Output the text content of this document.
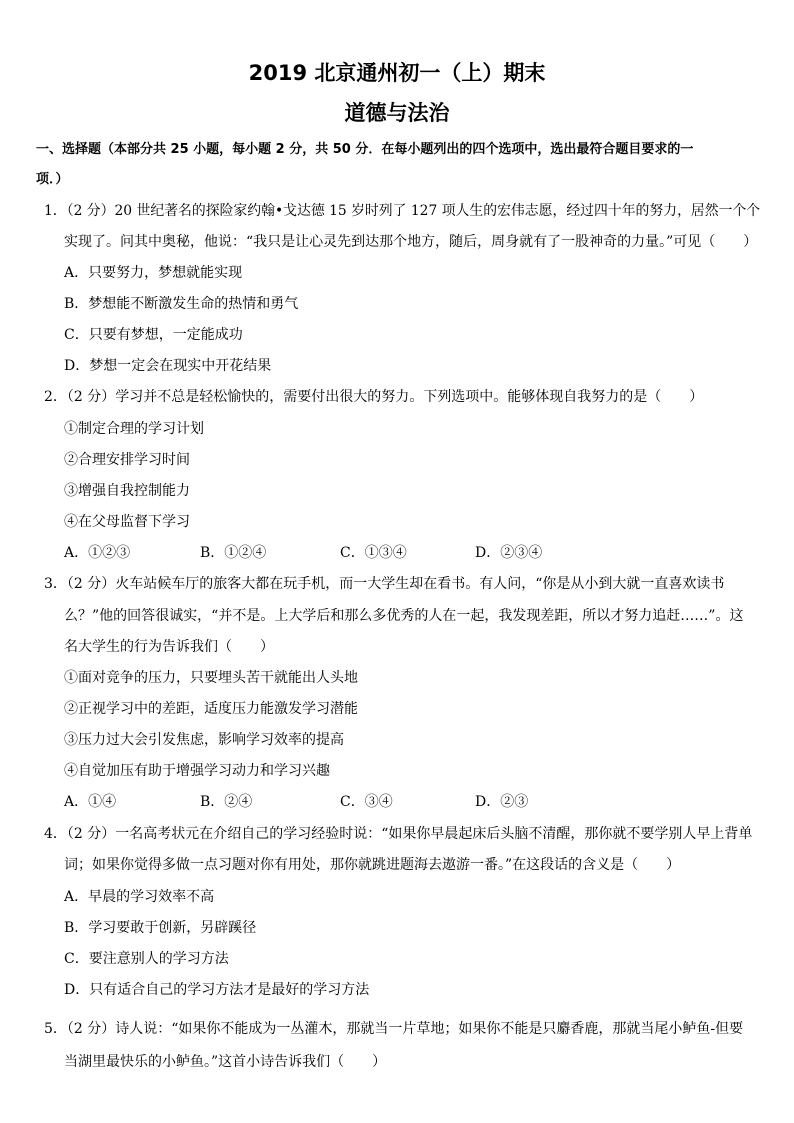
2019 北京通州初一（上）期末
道德与法治
一、选择题（本部分共 25 小题，每小题 2 分，共 50 分．在每小题列出的四个选项中，选出最符合题目要求的一
项．）
1．（2 分）20 世纪著名的探险家约翰•戈达德 15 岁时列了 127 项人生的宏伟志愿，经过四十年的努力，居然一个个
实现了。问其中奥秘，他说：“我只是让心灵先到达那个地方，随后，周身就有了一股神奇的力量。”可见（　　）
A．只要努力，梦想就能实现
B．梦想能不断激发生命的热情和勇气
C．只要有梦想，一定能成功
D．梦想一定会在现实中开花结果
2．（2 分）学习并不总是轻松愉快的，需要付出很大的努力。下列选项中。能够体现自我努力的是（　　）
①制定合理的学习计划
②合理安排学习时间
③增强自我控制能力
④在父母监督下学习
A．①②③	B．①②④	C．①③④	D．②③④
3．（2 分）火车站候车厅的旅客大都在玩手机，而一大学生却在看书。有人问，“你是从小到大就一直喜欢读书
么？”他的回答很诚实，“并不是。上大学后和那么多优秀的人在一起，我发现差距，所以才努力追赶……”。这
名大学生的行为告诉我们（　　）
①面对竞争的压力，只要埋头苦干就能出人头地
②正视学习中的差距，适度压力能激发学习潜能
③压力过大会引发焦虑，影响学习效率的提高
④自觉加压有助于增强学习动力和学习兴趣
A．①④	B．②④	C．③④	D．②③
4．（2 分）一名高考状元在介绍自己的学习经验时说：“如果你早晨起床后头脑不清醒，那你就不要学别人早上背单
词；如果你觉得多做一点习题对你有用处，那你就跳进题海去遨游一番。”在这段话的含义是（　　）
A．早晨的学习效率不高
B．学习要敢于创新，另辟蹊径
C．要注意别人的学习方法
D．只有适合自己的学习方法才是最好的学习方法
5．（2 分）诗人说：“如果你不能成为一丛灌木，那就当一片草地；如果你不能是只麝香鹿，那就当尾小鲈鱼-但要
当湖里最快乐的小鲈鱼。”这首小诗告诉我们（　　）
